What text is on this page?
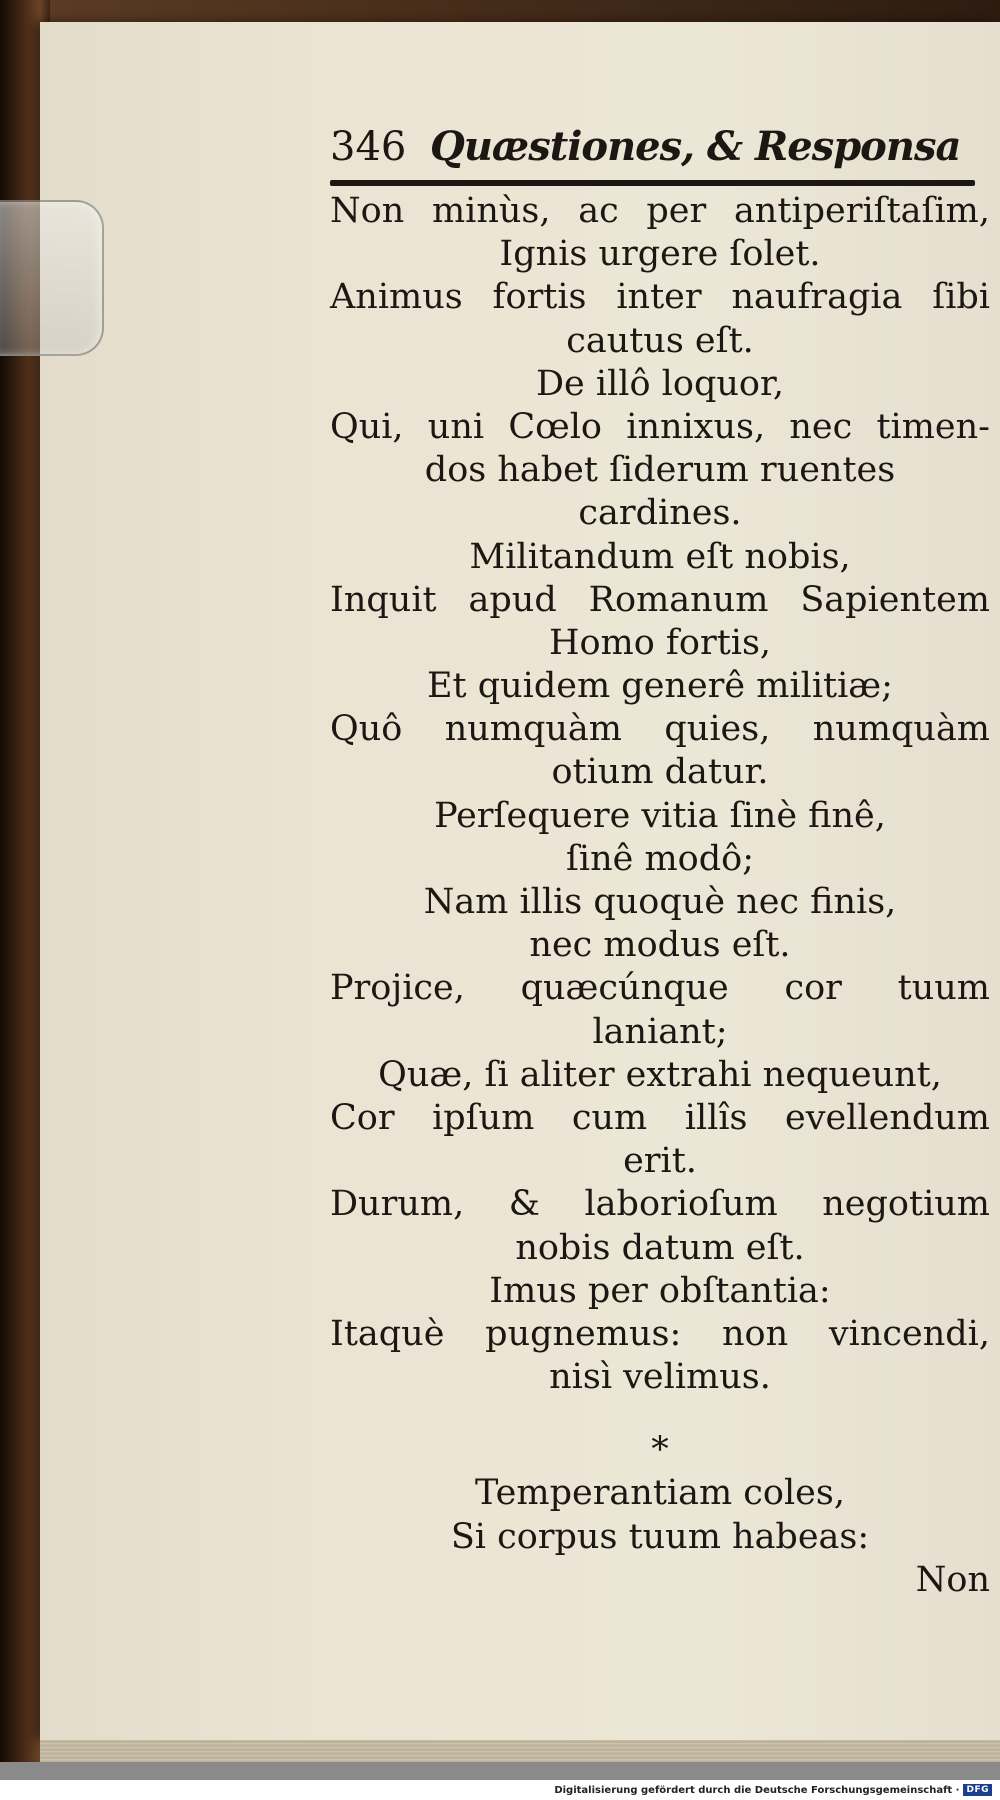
346 Quæstiones, & Responsa
Non minùs, ac per antiperiſtaſim,
Ignis urgere ſolet.
Animus fortis inter naufragia ſibi
cautus eſt.
De illô loquor,
Qui, uni Cœlo innixus, nec timen-
dos habet ſiderum ruentes
cardines.
Militandum eſt nobis,
Inquit apud Romanum Sapientem
Homo fortis,
Et quidem generê militiæ;
Quô numquàm quies, numquàm
otium datur.
Perſequere vitia ſinè finê,
ſinê modô;
Nam illis quoquè nec finis,
nec modus eſt.
Projice, quæcúnque cor tuum
laniant;
Quæ, ſi aliter extrahi nequeunt,
Cor ipſum cum illîs evellendum
erit.
Durum, & laborioſum negotium
nobis datum eſt.
Imus per obſtantia:
Itaquè pugnemus: non vincendi,
nisì velimus.
*
Temperantiam coles,
Si corpus tuum habeas:
Non
Digitalisierung gefördert durch die Deutsche Forschungsgemeinschaft · DFG
